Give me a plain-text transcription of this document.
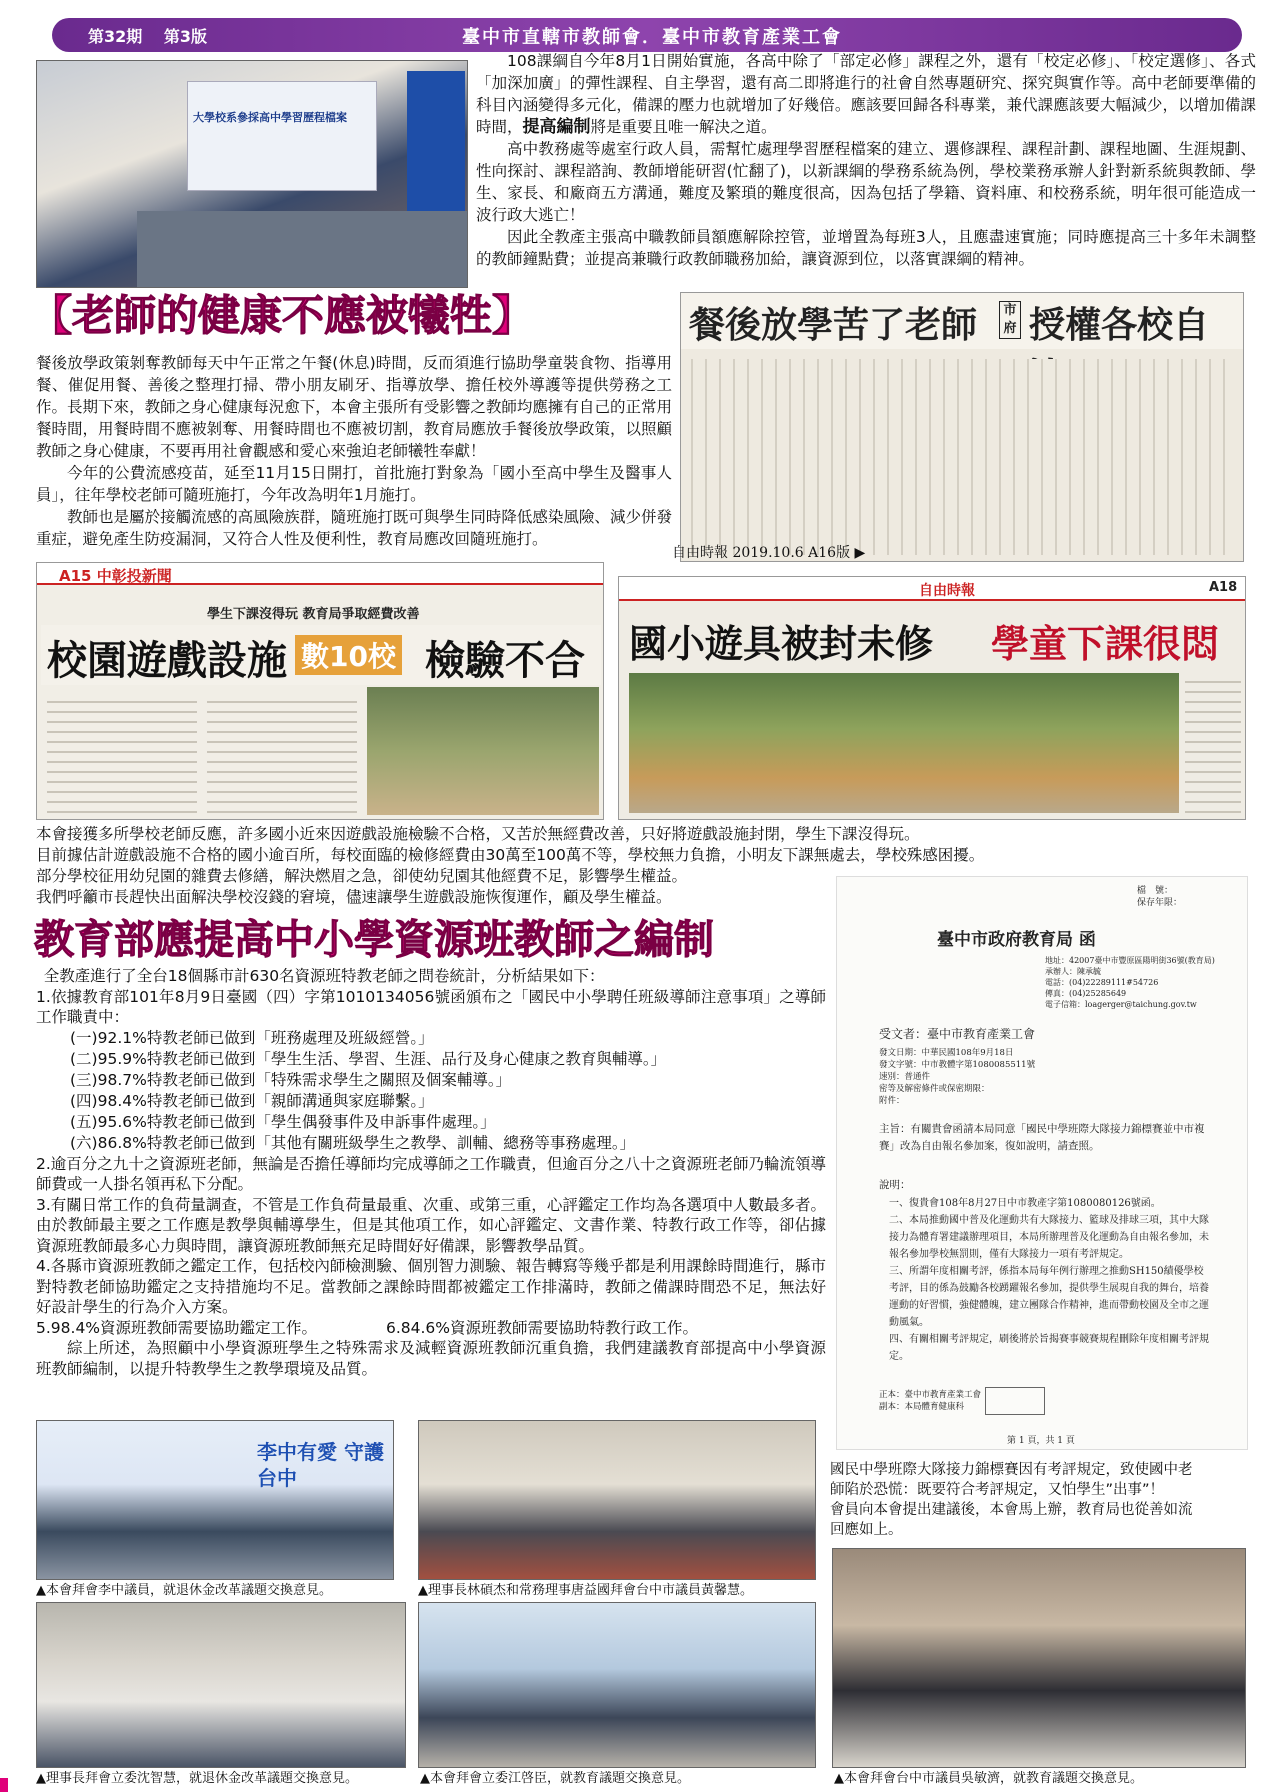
第32期　 第3版	臺中市直轄市教師會．臺中市教育產業工會
大學校系參採高中學習歷程檔案

108課綱自今年8月1日開始實施，各高中除了「部定必修」課程之外，還有「校定必修」、「校定選修」、各式「加深加廣」的彈性課程、自主學習，還有高二即將進行的社會自然專題研究、探究與實作等。高中老師要準備的科目內涵變得多元化，備課的壓力也就增加了好幾倍。應該要回歸各科專業，兼代課應該要大幅減少，以增加備課時間，提高編制將是重要且唯一解決之道。

高中教務處等處室行政人員，需幫忙處理學習歷程檔案的建立、選修課程、課程計劃、課程地圖、生涯規劃、性向探討、課程諮詢、教師增能研習(忙翻了)，以新課綱的學務系統為例，學校業務承辦人針對新系統與教師、學生、家長、和廠商五方溝通，難度及繁瑣的難度很高，因為包括了學籍、資料庫、和校務系統，明年很可能造成一波行政大逃亡！

因此全教產主張高中職教師員額應解除控管，並增置為每班3人，且應盡速實施；同時應提高三十多年未調整的教師鐘點費；並提高兼職行政教師職務加給，讓資源到位，以落實課綱的精神。

【老師的健康不應被犧牲】	餐後放學苦了老師	市府 授權各校自

餐後放學政策剝奪教師每天中午正常之午餐(休息)時間，反而須進行協助學童裝食物、指導用餐、催促用餐、善後之整理打掃、帶小朋友刷牙、指導放學、擔任校外導護等提供勞務之工作。長期下來，教師之身心健康每況愈下，本會主張所有受影響之教師均應擁有自己的正常用餐時間，用餐時間不應被剝奪、用餐時間也不應被切割，教育局應放手餐後放學政策，以照顧教師之身心健康，不要再用社會觀感和愛心來強迫老師犧牲奉獻！

今年的公費流感疫苗，延至11月15日開打，首批施打對象為「國小至高中學生及醫事人員」，往年學校老師可隨班施打，今年改為明年1月施打。

教師也是屬於接觸流感的高風險族群，隨班施打既可與學生同時降低感染風險、減少併發重症，避免產生防疫漏洞，又符合人性及便利性，教育局應改回隨班施打。

自由時報 2019.10.6 A16版 ▶
A15 中彰投新聞
學生下課沒得玩 教育局爭取經費改善
校園遊戲設施 數10校 檢驗不合
自由時報	A18
國小遊具被封未修 學童下課很悶
本會接獲多所學校老師反應，許多國小近來因遊戲設施檢驗不合格，又苦於無經費改善，只好將遊戲設施封閉，學生下課沒得玩。
目前據估計遊戲設施不合格的國小逾百所，每校面臨的檢修經費由30萬至100萬不等，學校無力負擔，小明友下課無處去，學校殊感困擾。
部分學校征用幼兒園的雜費去修繕，解決燃眉之急，卻使幼兒園其他經費不足，影響學生權益。
我們呼籲市長趕快出面解決學校沒錢的窘境，儘速讓學生遊戲設施恢復運作，顧及學生權益。
教育部應提高中小學資源班教師之編制
全教產進行了全台18個縣市計630名資源班特教老師之問卷統計，分析結果如下：
1.依據教育部101年8月9日臺國（四）字第1010134056號函頒布之「國民中小學聘任班級導師注意事項」之導師工作職責中：
(一)92.1%特教老師已做到「班務處理及班級經營。」
(二)95.9%特教老師已做到「學生生活、學習、生涯、品行及身心健康之教育與輔導。」
(三)98.7%特教老師已做到「特殊需求學生之關照及個案輔導。」
(四)98.4%特教老師已做到「親師溝通與家庭聯繫。」
(五)95.6%特教老師已做到「學生偶發事件及申訴事件處理。」
(六)86.8%特教老師已做到「其他有關班級學生之教學、訓輔、總務等事務處理。」
2.逾百分之九十之資源班老師，無論是否擔任導師均完成導師之工作職責，但逾百分之八十之資源班老師乃輪流領導師費或一人掛名領再私下分配。
3.有關日常工作的負荷量調查，不管是工作負荷量最重、次重、或第三重，心評鑑定工作均為各選項中人數最多者。由於教師最主要之工作應是教學與輔導學生，但是其他項工作，如心評鑑定、文書作業、特教行政工作等，卻佔據資源班教師最多心力與時間，讓資源班教師無充足時間好好備課，影響教學品質。
4.各縣市資源班教師之鑑定工作，包括校內師檢測驗、個別智力測驗、報告轉寫等幾乎都是利用課餘時間進行，縣市對特教老師協助鑑定之支持措施均不足。當教師之課餘時間都被鑑定工作排滿時，教師之備課時間恐不足，無法好好設計學生的行為介入方案。
5.98.4%資源班教師需要協助鑑定工作。	6.84.6%資源班教師需要協助特教行政工作。
綜上所述，為照顧中小學資源班學生之特殊需求及減輕資源班教師沉重負擔，我們建議教育部提高中小學資源班教師編制，以提升特教學生之教學環境及品質。
檔　號：
保存年限：
臺中市政府教育局 函
地址：42007臺中市豐原區陽明街36號(教育局)
承辦人：陳承毓
電話：(04)22289111#54726
傳真：(04)25285649
電子信箱：loagerger@taichung.gov.tw
受文者：臺中市教育產業工會
發文日期：中華民國108年9月18日
發文字號：中市教體字第1080085511號
速別：普通件
密等及解密條件或保密期限：
附件：
主旨：有關貴會函請本局同意「國民中學班際大隊接力錦標賽並中市複賽」改為自由報名參加案，復如說明，請查照。
說明：
一、復貴會108年8月27日中市教產字第1080080126號函。
二、本局推動國中普及化運動共有大隊接力、籃球及排球三項，其中大隊接力為體育署建議辦理項目，本局所辦理普及化運動為自由報名參加，未報名參加學校無罰則，僅有大隊接力一項有考評規定。
三、所謂年度相關考評，係指本局每年例行辦理之推動SH150績優學校考評，目的係為鼓勵各校踴躍報名參加，提供學生展現自我的舞台，培養運動的好習慣，強健體魄，建立團隊合作精神，進而帶動校園及全市之運動風氣。
四、有關相關考評規定，刷後將於旨揭賽事競賽規程刪除年度相關考評規定。
正本：臺中市教育產業工會
副本：本局體育健康科
第 1 頁，共 1 頁
國民中學班際大隊接力錦標賽因有考評規定，致使國中老
師陷於恐慌：既要符合考評規定，又怕學生”出事”！
會員向本會提出建議後，本會馬上辦，教育局也從善如流
回應如上。
李中有愛 守護台中
▲本會拜會李中議員，就退休金改革議題交換意見。	▲理事長林碩杰和常務理事唐益國拜會台中市議員黃馨慧。
▲理事長拜會立委沈智慧，就退休金改革議題交換意見。	▲本會拜會立委江啓臣，就教育議題交換意見。	▲本會拜會台中市議員吳敏濟，就教育議題交換意見。
